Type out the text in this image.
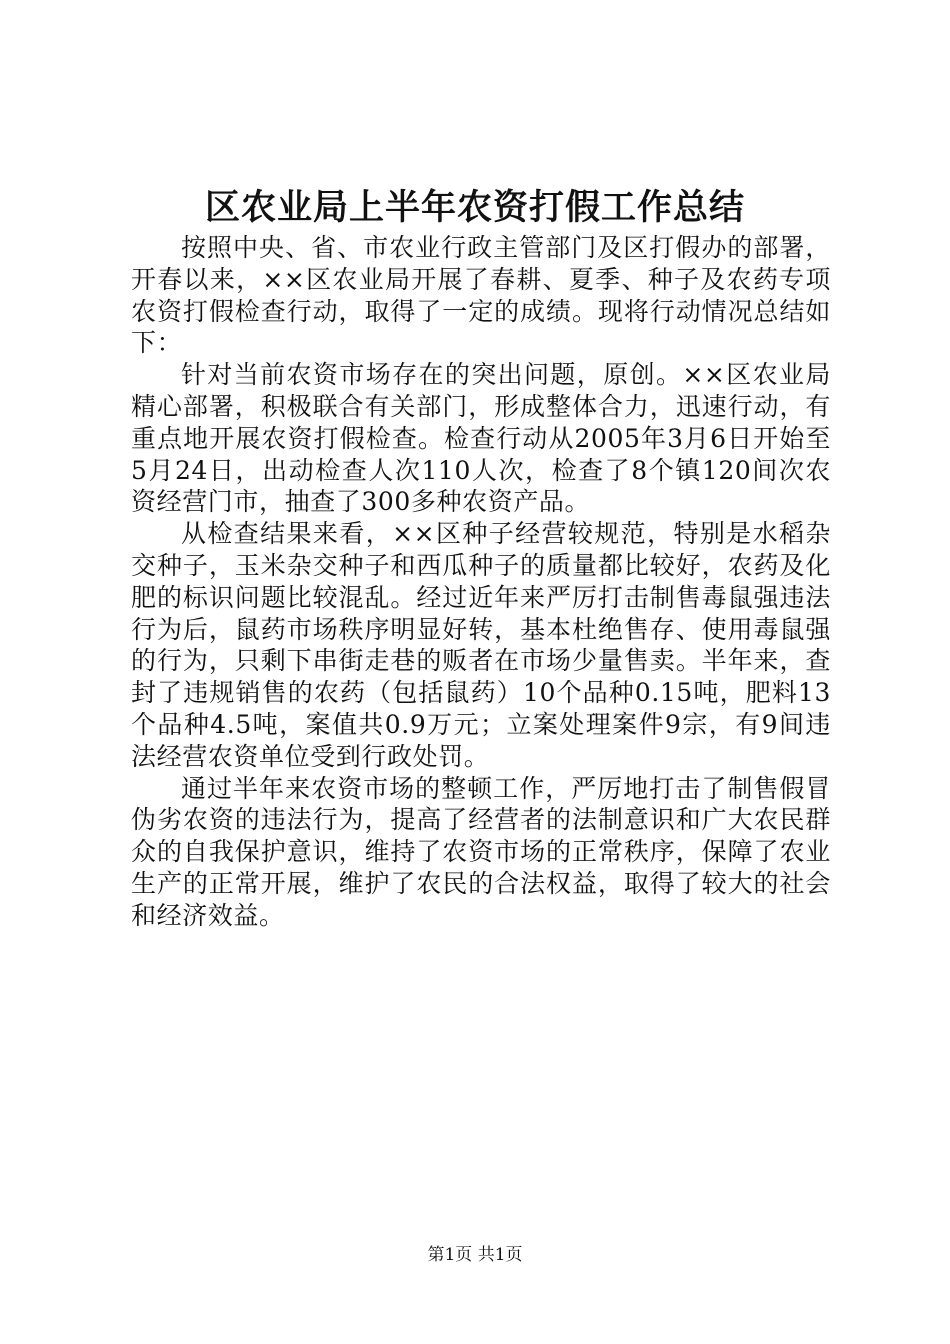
区农业局上半年农资打假工作总结

按照中央、省、市农业行政主管部门及区打假办的部署，开春以来，××区农业局开展了春耕、夏季、种子及农药专项农资打假检查行动，取得了一定的成绩。现将行动情况总结如下：

针对当前农资市场存在的突出问题，原创。××区农业局精心部署，积极联合有关部门，形成整体合力，迅速行动，有重点地开展农资打假检查。检查行动从2005年3月6日开始至5月24日，出动检查人次110人次，检查了8个镇120间次农资经营门市，抽查了300多种农资产品。

从检查结果来看，××区种子经营较规范，特别是水稻杂交种子，玉米杂交种子和西瓜种子的质量都比较好，农药及化肥的标识问题比较混乱。经过近年来严厉打击制售毒鼠强违法行为后，鼠药市场秩序明显好转，基本杜绝售存、使用毒鼠强的行为，只剩下串街走巷的贩者在市场少量售卖。半年来，查封了违规销售的农药（包括鼠药）10个品种0.15吨，肥料13个品种4.5吨，案值共0.9万元；立案处理案件9宗，有9间违法经营农资单位受到行政处罚。

通过半年来农资市场的整顿工作，严厉地打击了制售假冒伪劣农资的违法行为，提高了经营者的法制意识和广大农民群众的自我保护意识，维持了农资市场的正常秩序，保障了农业生产的正常开展，维护了农民的合法权益，取得了较大的社会和经济效益。

第1页 共1页
